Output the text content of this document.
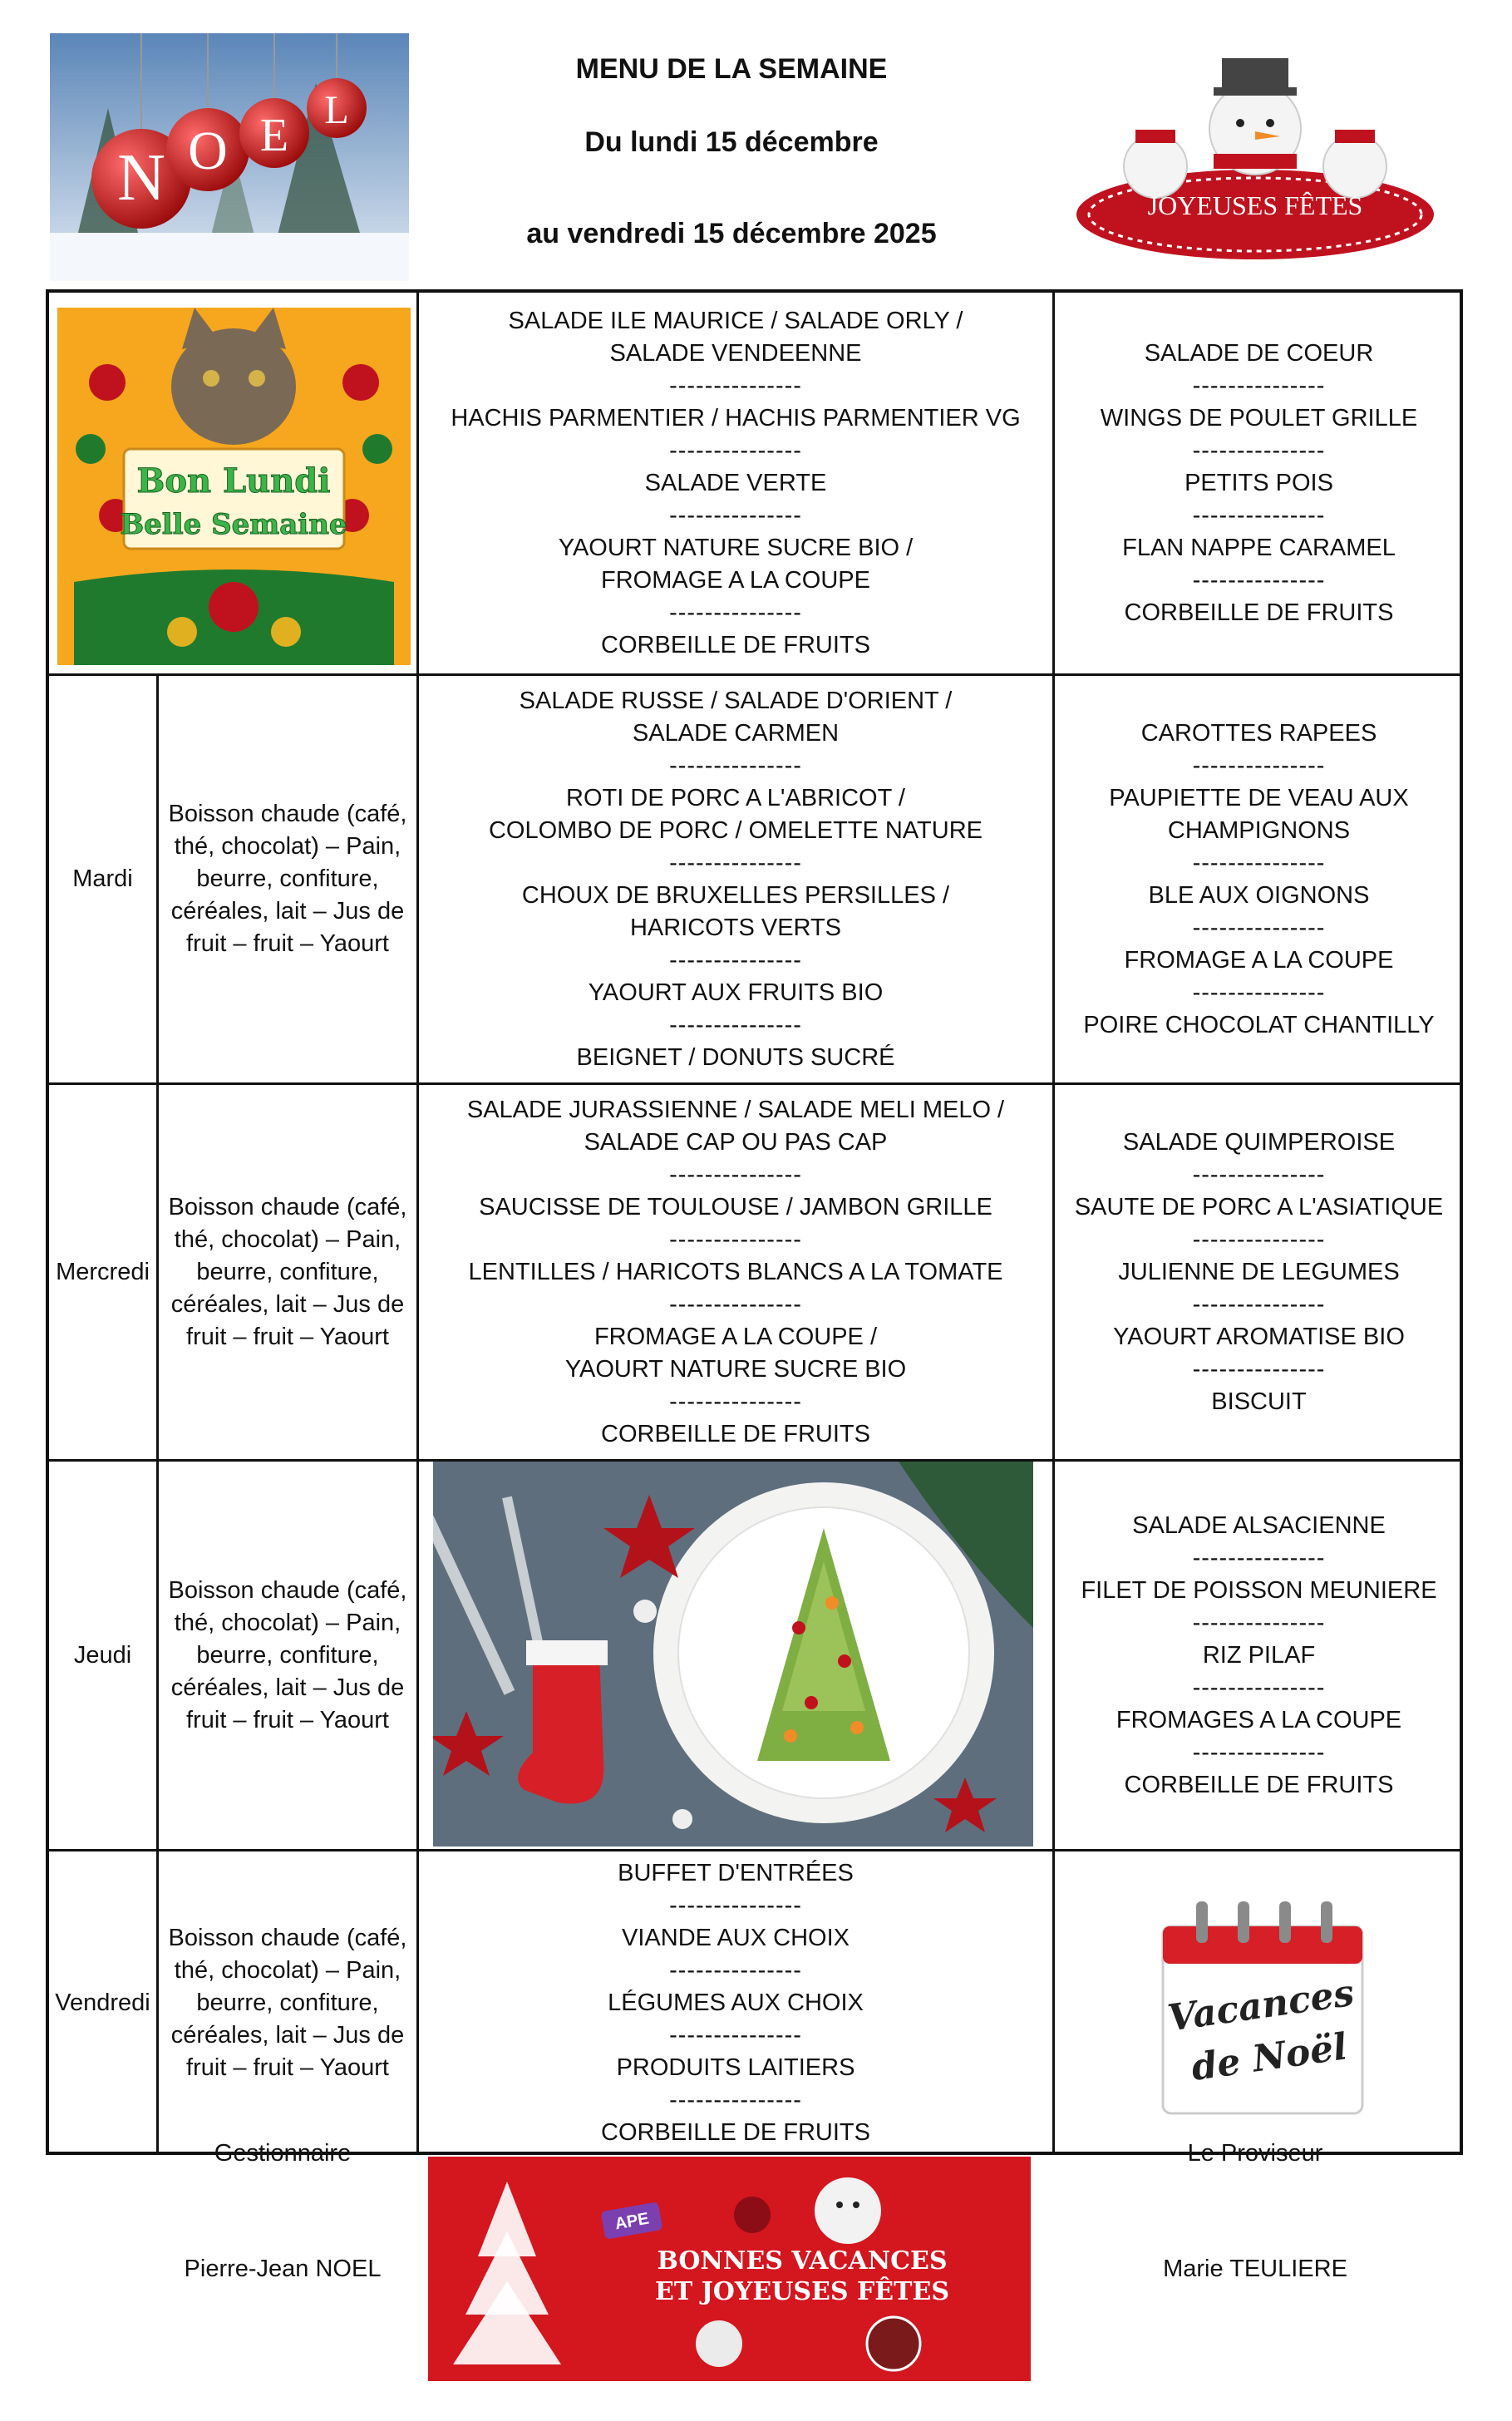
N O E L
MENU DE LA SEMAINE
Du lundi 15 décembre
au vendredi 15 décembre 2025
JOYEUSES FÊTES
Bon Lundi
Belle Semaine
SALADE ILE MAURICE / SALADE ORLY /
SALADE VENDEENNE
---------------
HACHIS PARMENTIER / HACHIS PARMENTIER VG
---------------
SALADE VERTE
---------------
YAOURT NATURE SUCRE BIO /
FROMAGE A LA COUPE
---------------
CORBEILLE DE FRUITS
SALADE DE COEUR
---------------
WINGS DE POULET GRILLE
---------------
PETITS POIS
---------------
FLAN NAPPE CARAMEL
---------------
CORBEILLE DE FRUITS
Mardi
Boisson chaude (café,
thé, chocolat) – Pain,
beurre, confiture,
céréales, lait – Jus de
fruit – fruit – Yaourt
SALADE RUSSE / SALADE D'ORIENT /
SALADE CARMEN
---------------
ROTI DE PORC A L'ABRICOT /
COLOMBO DE PORC / OMELETTE NATURE
---------------
CHOUX DE BRUXELLES PERSILLES /
HARICOTS VERTS
---------------
YAOURT AUX FRUITS BIO
---------------
BEIGNET / DONUTS SUCRÉ
CAROTTES RAPEES
---------------
PAUPIETTE DE VEAU AUX
CHAMPIGNONS
---------------
BLE AUX OIGNONS
---------------
FROMAGE A LA COUPE
---------------
POIRE CHOCOLAT CHANTILLY
Mercredi
Boisson chaude (café,
thé, chocolat) – Pain,
beurre, confiture,
céréales, lait – Jus de
fruit – fruit – Yaourt
SALADE JURASSIENNE / SALADE MELI MELO /
SALADE CAP OU PAS CAP
---------------
SAUCISSE DE TOULOUSE / JAMBON GRILLE
---------------
LENTILLES / HARICOTS BLANCS A LA TOMATE
---------------
FROMAGE A LA COUPE /
YAOURT NATURE SUCRE BIO
---------------
CORBEILLE DE FRUITS
SALADE QUIMPEROISE
---------------
SAUTE DE PORC A L'ASIATIQUE
---------------
JULIENNE DE LEGUMES
---------------
YAOURT AROMATISE BIO
---------------
BISCUIT
Jeudi
Boisson chaude (café,
thé, chocolat) – Pain,
beurre, confiture,
céréales, lait – Jus de
fruit – fruit – Yaourt
SALADE ALSACIENNE
---------------
FILET DE POISSON MEUNIERE
---------------
RIZ PILAF
---------------
FROMAGES A LA COUPE
---------------
CORBEILLE DE FRUITS
Vendredi
Boisson chaude (café,
thé, chocolat) – Pain,
beurre, confiture,
céréales, lait – Jus de
fruit – fruit – Yaourt
BUFFET D'ENTRÉES
---------------
VIANDE AUX CHOIX
---------------
LÉGUMES AUX CHOIX
---------------
PRODUITS LAITIERS
---------------
CORBEILLE DE FRUITS
Vacances
de Noël
Gestionnaire
Pierre-Jean NOEL
APE
BONNES VACANCES
ET JOYEUSES FÊTES
Le Proviseur
Marie TEULIERE
